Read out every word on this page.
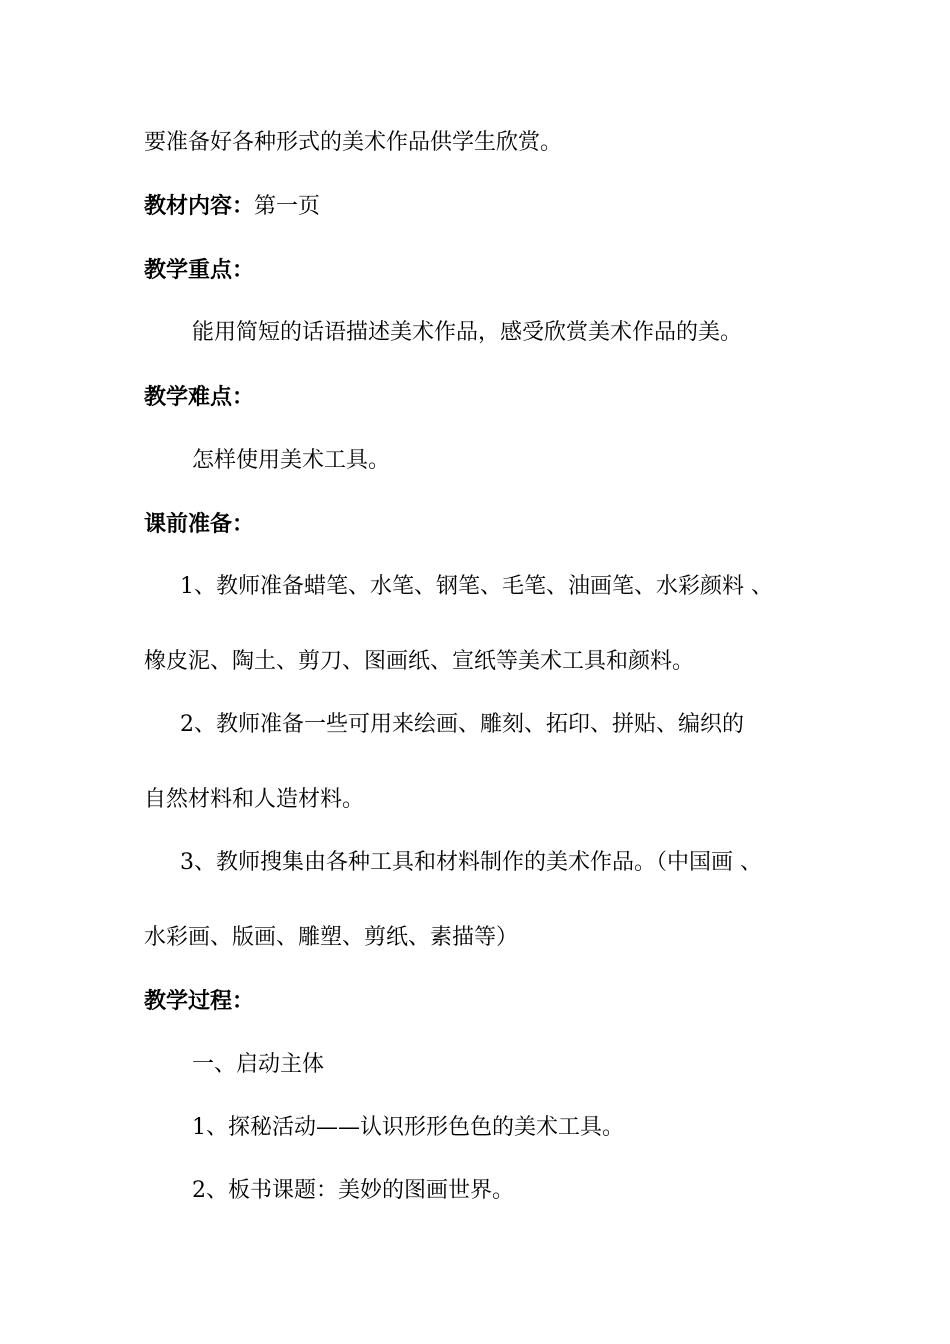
要准备好各种形式的美术作品供学生欣赏。
教材内容：第一页
教学重点：
能用简短的话语描述美术作品，感受欣赏美术作品的美。
教学难点：
怎样使用美术工具。
课前准备：
1、教师准备蜡笔、水笔、钢笔、毛笔、油画笔、水彩颜料 、
橡皮泥、陶土、剪刀、图画纸、宣纸等美术工具和颜料。
2、教师准备一些可用来绘画、雕刻、拓印、拼贴、编织的
自然材料和人造材料。
3、教师搜集由各种工具和材料制作的美术作品。（中国画 、
水彩画、版画、雕塑、剪纸、素描等）
教学过程：
一、启动主体
1、探秘活动——认识形形色色的美术工具。
2、板书课题：美妙的图画世界。
